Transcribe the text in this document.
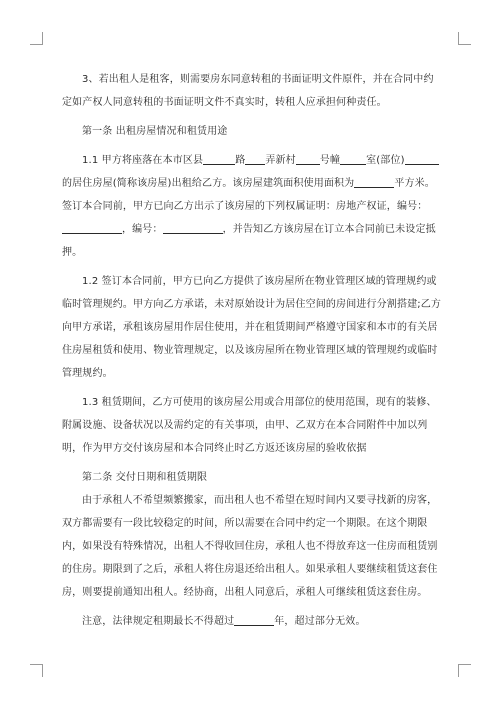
3、若出租人是租客，则需要房东同意转租的书面证明文件原件，并在合同中约定如产权人同意转租的书面证明文件不真实时，转租人应承担何种责任。

第一条 出租房屋情况和租赁用途

1.1 甲方将座落在本市区县	路 弄新村 号幢	室(部位)的居住房屋(简称该房屋)出租给乙方。该房屋建筑面积使用面积为	平方米。签订本合同前，甲方已向乙方出示了该房屋的下列权属证明：房地产权证，编号：，编号：	，并告知乙方该房屋在订立本合同前已未设定抵押。

1.2 签订本合同前，甲方已向乙方提供了该房屋所在物业管理区域的管理规约或临时管理规约。甲方向乙方承诺，未对原始设计为居住空间的房间进行分割搭建;乙方向甲方承诺，承租该房屋用作居住使用，并在租赁期间严格遵守国家和本市的有关居住房屋租赁和使用、物业管理规定，以及该房屋所在物业管理区域的管理规约或临时管理规约。

1.3 租赁期间，乙方可使用的该房屋公用或合用部位的使用范围，现有的装修、附属设施、设备状况以及需约定的有关事项，由甲、乙双方在本合同附件中加以列明，作为甲方交付该房屋和本合同终止时乙方返还该房屋的验收依据

第二条 交付日期和租赁期限

由于承租人不希望频繁搬家，而出租人也不希望在短时间内又要寻找新的房客，双方都需要有一段比较稳定的时间，所以需要在合同中约定一个期限。在这个期限内，如果没有特殊情况，出租人不得收回住房，承租人也不得放弃这一住房而租赁别的住房。期限到了之后，承租人将住房退还给出租人。如果承租人要继续租赁这套住房，则要提前通知出租人。经协商，出租人同意后，承租人可继续租赁这套住房。

注意，法律规定租期最长不得超过	年，超过部分无效。
